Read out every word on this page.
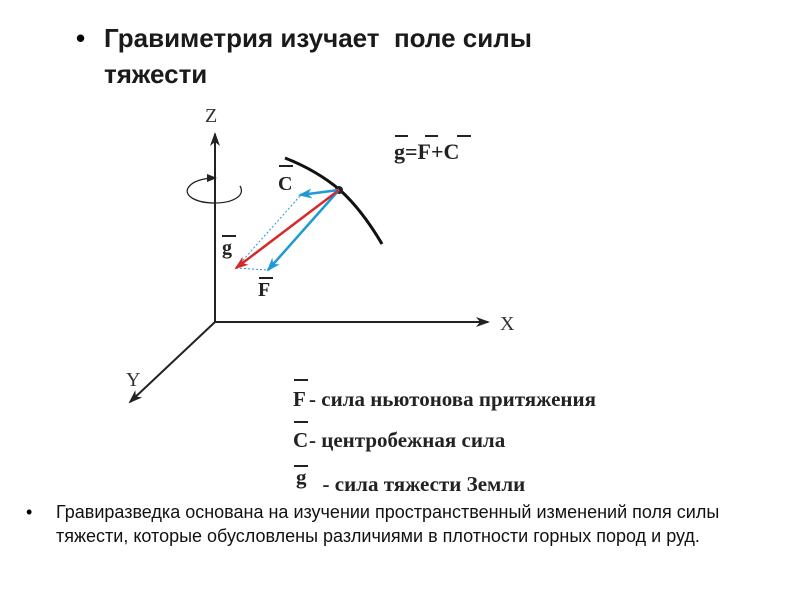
• Гравиметрия изучает  поле силы
тяжести
Z
X
Y
C
g
F
g=F+C
F - сила ньютонова притяжения
C - центробежная сила
g - сила тяжести Земли
•	Гравиразведка основана на изучении пространственный изменений поля силы тяжести, которые обусловлены различиями в плотности горных пород и руд.
